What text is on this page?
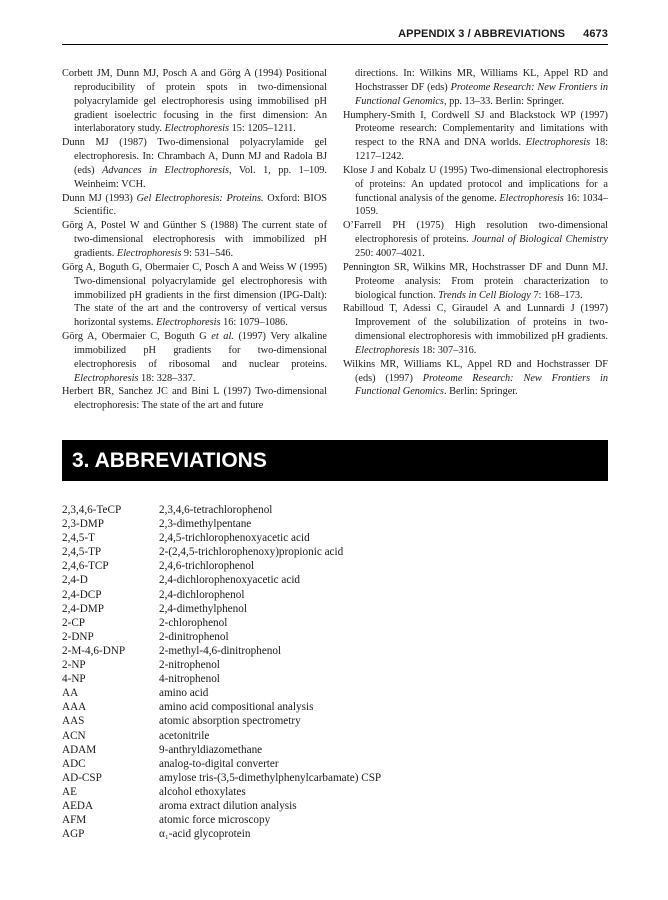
APPENDIX 3 / ABBREVIATIONS 4673

Corbett JM, Dunn MJ, Posch A and Görg A (1994) Positional reproducibility of protein spots in two-dimensional polyacrylamide gel electrophoresis using immobilised pH gradient isoelectric focusing in the first dimension: An interlaboratory study. Electrophoresis 15: 1205–1211.

Dunn MJ (1987) Two-dimensional polyacrylamide gel electrophoresis. In: Chrambach A, Dunn MJ and Radola BJ (eds) Advances in Electrophoresis, Vol. 1, pp. 1–109. Weinheim: VCH.

Dunn MJ (1993) Gel Electrophoresis: Proteins. Oxford: BIOS Scientific.

Görg A, Postel W and Günther S (1988) The current state of two-dimensional electrophoresis with immobilized pH gradients. Electrophoresis 9: 531–546.

Görg A, Boguth G, Obermaier C, Posch A and Weiss W (1995) Two-dimensional polyacrylamide gel electrophoresis with immobilized pH gradients in the first dimension (IPG-Dalt): The state of the art and the controversy of vertical versus horizontal systems. Electrophoresis 16: 1079–1086.

Görg A, Obermaier C, Boguth G et al. (1997) Very alkaline immobilized pH gradients for two-dimensional electrophoresis of ribosomal and nuclear proteins. Electrophoresis 18: 328–337.

Herbert BR, Sanchez JC and Bini L (1997) Two-dimensional electrophoresis: The state of the art and future

directions. In: Wilkins MR, Williams KL, Appel RD and Hochstrasser DF (eds) Proteome Research: New Frontiers in Functional Genomics, pp. 13–33. Berlin: Springer.

Humphery-Smith I, Cordwell SJ and Blackstock WP (1997) Proteome research: Complementarity and limitations with respect to the RNA and DNA worlds. Electrophoresis 18: 1217–1242.

Klose J and Kobalz U (1995) Two-dimensional electrophoresis of proteins: An updated protocol and implications for a functional analysis of the genome. Electrophoresis 16: 1034–1059.

O’Farrell PH (1975) High resolution two-dimensional electrophoresis of proteins. Journal of Biological Chemistry 250: 4007–4021.

Pennington SR, Wilkins MR, Hochstrasser DF and Dunn MJ. Proteome analysis: From protein characterization to biological function. Trends in Cell Biology 7: 168–173.

Rabilloud T, Adessi C, Giraudel A and Lunnardi J (1997) Improvement of the solubilization of proteins in two-dimensional electrophoresis with immobilized pH gradients. Electrophoresis 18: 307–316.

Wilkins MR, Williams KL, Appel RD and Hochstrasser DF (eds) (1997) Proteome Research: New Frontiers in Functional Genomics. Berlin: Springer.

3. ABBREVIATIONS
2,3,4,6-TeCP	2,3,4,6-tetrachlorophenol
2,3-DMP	2,3-dimethylpentane
2,4,5-T	2,4,5-trichlorophenoxyacetic acid
2,4,5-TP	2-(2,4,5-trichlorophenoxy)propionic acid
2,4,6-TCP	2,4,6-trichlorophenol
2,4-D	2,4-dichlorophenoxyacetic acid
2,4-DCP	2,4-dichlorophenol
2,4-DMP	2,4-dimethylphenol
2-CP	2-chlorophenol
2-DNP	2-dinitrophenol
2-M-4,6-DNP	2-methyl-4,6-dinitrophenol
2-NP	2-nitrophenol
4-NP	4-nitrophenol
AA	amino acid
AAA	amino acid compositional analysis
AAS	atomic absorption spectrometry
ACN	acetonitrile
ADAM	9-anthryldiazomethane
ADC	analog-to-digital converter
AD-CSP	amylose tris-(3,5-dimethylphenylcarbamate) CSP
AE	alcohol ethoxylates
AEDA	aroma extract dilution analysis
AFM	atomic force microscopy
AGP	α₁-acid glycoprotein
